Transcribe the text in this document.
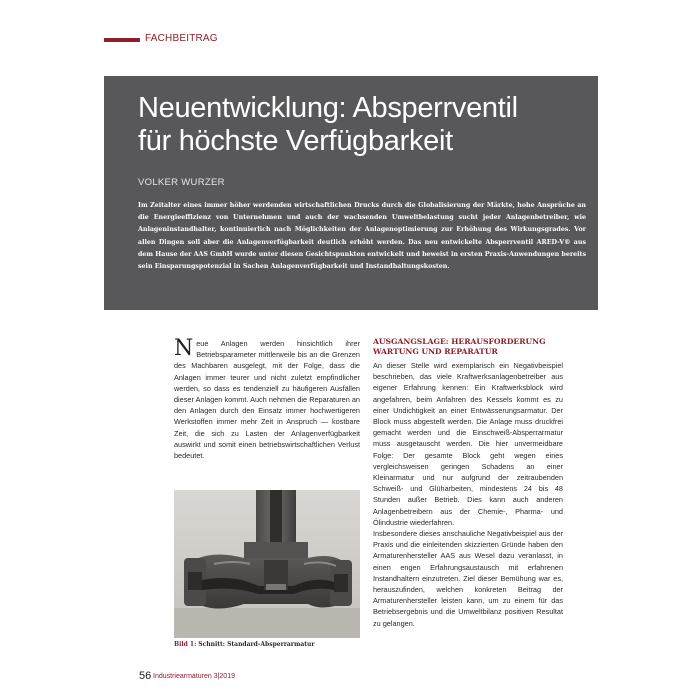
FACHBEITRAG
Neuentwicklung: Absperrventil
für höchste Verfügbarkeit
VOLKER WURZER
Im Zeitalter eines immer höher werdenden wirtschaftlichen Drucks durch die Globalisierung der Märkte, hohe Ansprüche an die Energieeffizienz von Unternehmen und auch der wachsenden Umweltbelastung sucht jeder Anlagenbetreiber, wie Anlageninstandhalter, kontinuierlich nach Möglichkeiten der Anlagenoptimierung zur Erhöhung des Wirkungsgrades. Vor allen Dingen soll aber die Anlagenverfügbarkeit deutlich erhöht werden. Das neu entwickelte Absperrventil ARED-V® aus dem Hause der AAS GmbH wurde unter diesen Gesichtspunkten entwickelt und beweist in ersten Praxis-Anwendungen bereits sein Einsparungspotenzial in Sachen Anlagenverfügbarkeit und Instandhaltungskosten.
Neue Anlagen werden hinsichtlich ihrer Betriebsparameter mittlerweile bis an die Grenzen des Machbaren ausgelegt, mit der Folge, dass die Anlagen immer teurer und nicht zuletzt empfindlicher werden, so dass es tendenziell zu häufigeren Ausfällen dieser Anlagen kommt. Auch nehmen die Reparaturen an den Anlagen durch den Einsatz immer hochwertigeren Werkstoffen immer mehr Zeit in Anspruch — kostbare Zeit, die sich zu Lasten der Anlagenverfügbarkeit auswirkt und somit einen betriebswirtschaftlichen Verlust bedeutet.
Bild 1: Schnitt: Standard-Absperrarmatur
AUSGANGSLAGE: HERAUSFORDERUNG
WARTUNG UND REPARATUR

An dieser Stelle wird exemplarisch ein Negativbeispiel beschrieben, das viele Kraftwerksanlagenbetreiber aus eigener Erfahrung kennen: Ein Kraftwerksblock wird angefahren, beim Anfahren des Kessels kommt es zu einer Undichtigkeit an einer Entwässerungsarmatur. Der Block muss abgestellt werden. Die Anlage muss druckfrei gemacht werden und die Einschweiß-Absperrarmatur muss ausgetauscht werden. Die hier unvermeidbare Folge: Der gesamte Block geht wegen eines vergleichsweisen geringen Schadens an einer Kleinarmatur und nur aufgrund der zeitraubenden Schweiß- und Glüharbeiten, mindestens 24 bis 48 Stunden außer Betrieb. Dies kann auch anderen Anlagenbetreibern aus der Chemie-, Pharma- und Ölindustrie wiederfahren.

Insbesondere dieses anschauliche Negativbeispiel aus der Praxis und die einleitenden skizzierten Gründe haben den Armaturenhersteller AAS aus Wesel dazu veranlasst, in einen engen Erfahrungsaustausch mit erfahrenen Instandhaltern einzutreten. Ziel dieser Bemühung war es, herauszufinden, welchen konkreten Beitrag der Armaturenhersteller leisten kann, um zu einem für das Betriebsergebnis und die Umweltbilanz positiven Resultat zu gelangen.

56 Industriearmaturen 3|2019
